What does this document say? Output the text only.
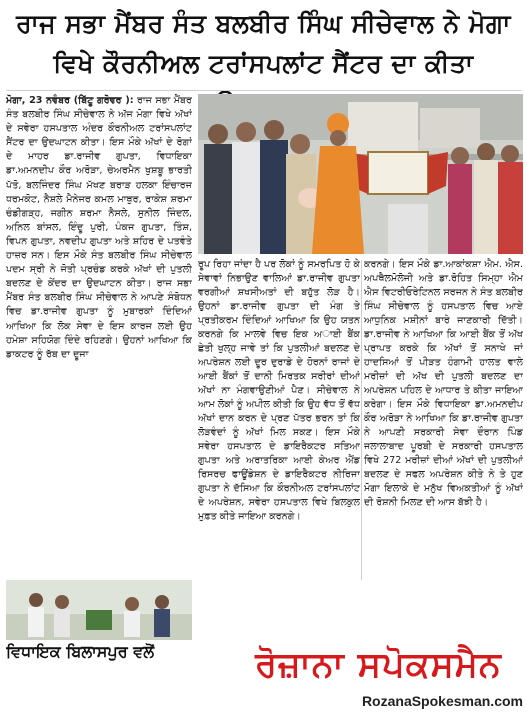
ਰਾਜ ਸਭਾ ਮੈਂਬਰ ਸੰਤ ਬਲਬੀਰ ਸਿੰਘ ਸੀਚੇਵਾਲ ਨੇ ਮੋਗਾ
ਵਿਖੇ ਕੌਰਨੀਅਲ ਟਰਾਂਸਪਲਾਂਟ ਸੈਂਟਰ ਦਾ ਕੀਤਾ
ਮੋਗਾ, 23 ਨਵੰਬਰ (ਬਿੱਟੂ ਗਰੋਵਰ ): ਰਾਜ ਸਭਾ ਮੈਂਬਰ ਸੰਤ ਬਲਬੀਰ ਸਿੰਘ ਸੀਚੇਵਾਲ ਨੇ ਅੱਜ ਮੋਗਾ ਵਿਖੇ ਅੱਖਾਂ ਦੇ ਸਵੇਰਾ ਹਸਪਤਾਲ ਅੰਦਰ ਕੌਰਨੀਅਲ ਟਰਾਂਸਪਲਾਂਟ ਸੈਂਟਰ ਦਾ ਉਦਘਾਟਨ ਕੀਤਾ। ਇਸ ਮੌਕੇ ਅੱਖਾਂ ਦੇ ਰੋਗਾਂ ਦੇ ਮਾਹਰ ਡਾ.ਰਾਜੀਵ ਗੁਪਤਾ, ਵਿਧਾਇਕਾ ਡਾ.ਅਮਨਦੀਪ ਕੌਰ ਅਰੋੜਾ, ਚੇਅਰਮੈਨ ਖੁਸ਼ਬੂ ਭਾਰਤੀ ਪੱਤੋ, ਬਲਜਿੰਦਰ ਸਿੰਘ ਮੱਖਣ ਬਰਾੜ ਹਲਕਾ ਇੰਚਾਰਜ ਧਰਮਕੋਟ, ਨੈਸ਼ਲੇ ਮੈਨੇਜਰ ਕਮਲ ਮਾਥੁਰ, ਰਾਕੇਸ਼ ਸ਼ਰਮਾ ਚੰਡੀਗੜ੍ਹ, ਜਗੀਨ ਸ਼ਰਮਾ ਨੈਸਲੇ, ਸੁਨੀਲ ਜਿੰਦਲ, ਅਨਿਲ ਬਾਂਸਲ, ਇੰਦੂ ਪੁਰੀ, ਪੰਕਜ ਗੁਪਤਾ, ਤਿੰਸ਼, ਵਿਪਨ ਗੁਪਤਾ, ਨਵਦੀਪ ਗੁਪਤਾ ਅਤੇ ਸ਼ਹਿਰ ਦੇ ਪਤਵੰਤੇ ਹਾਜ਼ਰ ਸਨ। ਇਸ ਮੌਕੇ ਸੰਤ ਬਲਬੀਰ ਸਿੰਘ ਸੀਚੇਵਾਲ ਪਦਮ ਸ੍ਰੀ ਨੇ ਜੋਤੀ ਪ੍ਰਚੰਡ ਕਰਕੇ ਅੱਖਾਂ ਦੀ ਪੁਤਲੀ ਬਦਲਣ ਦੇ ਕੇਂਦਰ ਦਾ ਉਦਘਾਟਨ ਕੀਤਾ। ਰਾਜ ਸਭਾ ਮੈਂਬਰ ਸੰਤ ਬਲਬੀਰ ਸਿੰਘ ਸੀਚੇਵਾਲ ਨੇ ਆਪਣੇ ਸੰਬੋਧਨ ਵਿਚ ਡਾ.ਰਾਜੀਵ ਗੁਪਤਾ ਨੂੰ ਮੁਬਾਰਕਾਂ ਦਿੰਦਿਆਂ ਆਖਿਆ ਕਿ ਲੋਕ ਸੇਵਾ ਦੇ ਇਸ ਕਾਰਜ ਲਈ ਉਹ ਹਮੇਸ਼ਾ ਸਹਿਯੋਗ ਦਿੰਦੇ ਰਹਿਣਗੇ। ਉਹਨਾਂ ਆਖਿਆ ਕਿ ਡਾਕਟਰ ਨੂੰ ਰੱਬ ਦਾ ਦੂਜਾ
ਰੂਪ ਰਿਹਾ ਜਾਂਦਾ ਹੈ ਪਰ ਲੋਕਾਂ ਨੂੰ ਸਮਰਪਿਤ ਹੋ ਕੇ ਸੇਵਾਵਾਂ ਨਿਭਾਉਣ ਵਾਲਿਆਂ ਡਾ.ਰਾਜੀਵ ਗੁਪਤਾ ਵਰਗੀਆਂ ਸ਼ਖਸੀਅਤਾਂ ਦੀ ਬਹੁੱਤ ਲੋੜ ਹੈ। ਉਹਨਾਂ ਡਾ.ਰਾਜੀਵ ਗੁਪਤਾ ਦੀ ਮੰਗ ਤੇ ਪ੍ਰਤੀਕਰਮ ਦਿੰਦਿਆਂ ਆਖਿਆ ਕਿ ਉਹ ਯਤਨ ਕਰਨਗੇ ਕਿ ਮਾਲਵੇ ਵਿਚ ਇਕ ਅਾਈ ਬੈਂਕ ਛੇਤੀ ਖੁਲ੍ਹ ਜਾਵੇ ਤਾਂ ਕਿ ਪੁਤਲੀਆਂ ਬਦਲਣ ਦੇ ਅਪਰੇਸ਼ਨ ਲਈ ਦੂਰ ਦੁਰਾਡੇ ਦੇ ਹੋਰਨਾਂ ਰਾਜਾਂ ਦੇ ਆਈ ਬੈਂਕਾਂ ਤੋਂ ਦਾਨੀ ਮਿਰਤਕ ਸਰੀਰਾਂ ਦੀਆਂ ਅੱਖਾਂ ਨਾ ਮੰਗਵਾਉਣੀਆਂ ਪੈਣ। ਸੀਚੇਵਾਲ ਨੇ ਆਮ ਲੋਕਾਂ ਨੂੰ ਅਪੀਲ ਕੀਤੀ ਕਿ ਉਹ ਵੱਧ ਤੋਂ ਵੱਧ ਅੱਖਾਂ ਦਾਨ ਕਰਨ ਦੇ ਪ੍ਰਣ ਪੱਤਰ ਭਰਨ ਤਾਂ ਕਿ ਲੋੜਵੰਦਾਂ ਨੂੰ ਅੱਖਾਂ ਮਿਲ ਸਕਣ। ਇਸ ਮੌਕੇ ਸਵੇਰਾ ਹਸਪਤਾਲ ਦੇ ਡਾਇਰੈਕਟਰ ਸਤਿਆ ਗੁਪਤਾ ਅਤੇ ਅਰਾਤਰਿਕਾ ਆਈ ਕੇਅਰ ਐਂਡ ਰਿਸਰਚ ਫਾਊਂਡੇਸ਼ਨ ਦੇ ਡਾਇਰੈਕਟਰ ਨੀਰਿਜਾ ਗੁਪਤਾ ਨੇ ਦੱਸਿਆ ਕਿ ਕੌਰਨੀਅਲ ਟਰਾਂਸਪਲਾਂਟ ਦੇ ਅਪਰੇਸ਼ਨ, ਸਵੇਰਾ ਹਸਪਤਾਲ ਵਿਖੇ ਬਿਲਕੁਲ ਮੁਫ਼ਤ ਕੀਤੇ ਜਾਇਆ ਕਰਨਗੇ।
ਕਰਨਗੇ। ਇਸ ਮੌਕੇ ਡਾ.ਆਕਾਂਕਸ਼ਾ ਐਮ. ਐਸ. ਅਪਥੈਲਮੋਲੋਜੀ ਅਤੇ ਡਾ.ਰੋਹਿਤ ਸਿਮ੍ਹਾ ਐਮ ਐਸ ਵਿਟਰੀਓਰੇਟਿਨਲ ਸਰਜਨ ਨੇ ਸੰਤ ਬਲਬੀਰ ਸਿੰਘ ਸੀਚੇਵਾਲ ਨੂੰ ਹਸਪਤਾਲ ਵਿਚ ਆਏ ਆਧੁਨਿਕ ਮਸ਼ੀਨਾਂ ਬਾਰੇ ਜਾਣਕਾਰੀ ਦਿੱਤੀ। ਡਾ.ਰਾਜੀਵ ਨੇ ਆਖਿਆ ਕਿ ਆਈ ਬੈਂਕ ਤੋਂ ਅੱਖ ਪ੍ਰਾਪਤ ਕਰਕੇ ਕਿ ਅੱਖਾਂ ਤੋਂ ਸਨਾਖੇ ਜਾਂ ਹਾਦਸਿਆਂ ਤੋਂ ਪੀੜਤ ਹੰਗਾਮੀ ਹਾਲਤ ਵਾਲੇ ਮਰੀਜ਼ਾਂ ਦੀ ਅੱਖ ਦੀ ਪੁਤਲੀ ਬਦਲਣ ਦਾ ਅਪਰੇਸ਼ਨ ਪਹਿਲ ਦੇ ਆਧਾਰ ਤੇ ਕੀਤਾ ਜਾਇਆ ਕਰੇਗਾ। ਇਸ ਮੌਕੇ ਵਿਧਾਇਕਾ ਡਾ.ਅਮਨਦੀਪ ਕੌਰ ਅਰੋੜਾ ਨੇ ਆਖਿਆ ਕਿ ਡਾ.ਰਾਜੀਵ ਗੁਪਤਾ ਨੇ ਆਪਣੀ ਸਰਕਾਰੀ ਸੇਵਾ ਦੌਰਾਨ ਪਿੰਡ ਜਲਾਲਾਬਾਦ ਪੂਰਬੀ ਦੇ ਸਰਕਾਰੀ ਹਸਪਤਾਲ ਵਿਖੇ 272 ਮਰੀਜ਼ਾਂ ਦੀਆਂ ਅੱਖਾਂ ਦੀ ਪੁਤਲੀਆਂ ਬਦਲਣ ਦੇ ਸਫਲ ਅਪਰੇਸ਼ਨ ਕੀਤੇ ਨੇ ਤੇ ਹੁਣ ਮੋਗਾ ਇਲਾਕੇ ਦੇ ਮਨੁੱਖ ਵਿਅਕਤੀਆਂ ਨੂੰ ਅੱਖਾਂ ਦੀ ਰੋਸ਼ਨੀ ਮਿਲਣ ਦੀ ਆਸ ਬੱਝੀ ਹੈ।
ਵਿਧਾਇਕ ਬਿਲਾਸਪੁਰ ਵਲੋਂ	ਰੋਜ਼ਾਨਾ ਸਪੋਕਸਮੈਨ
RozanaSpokesman.com
